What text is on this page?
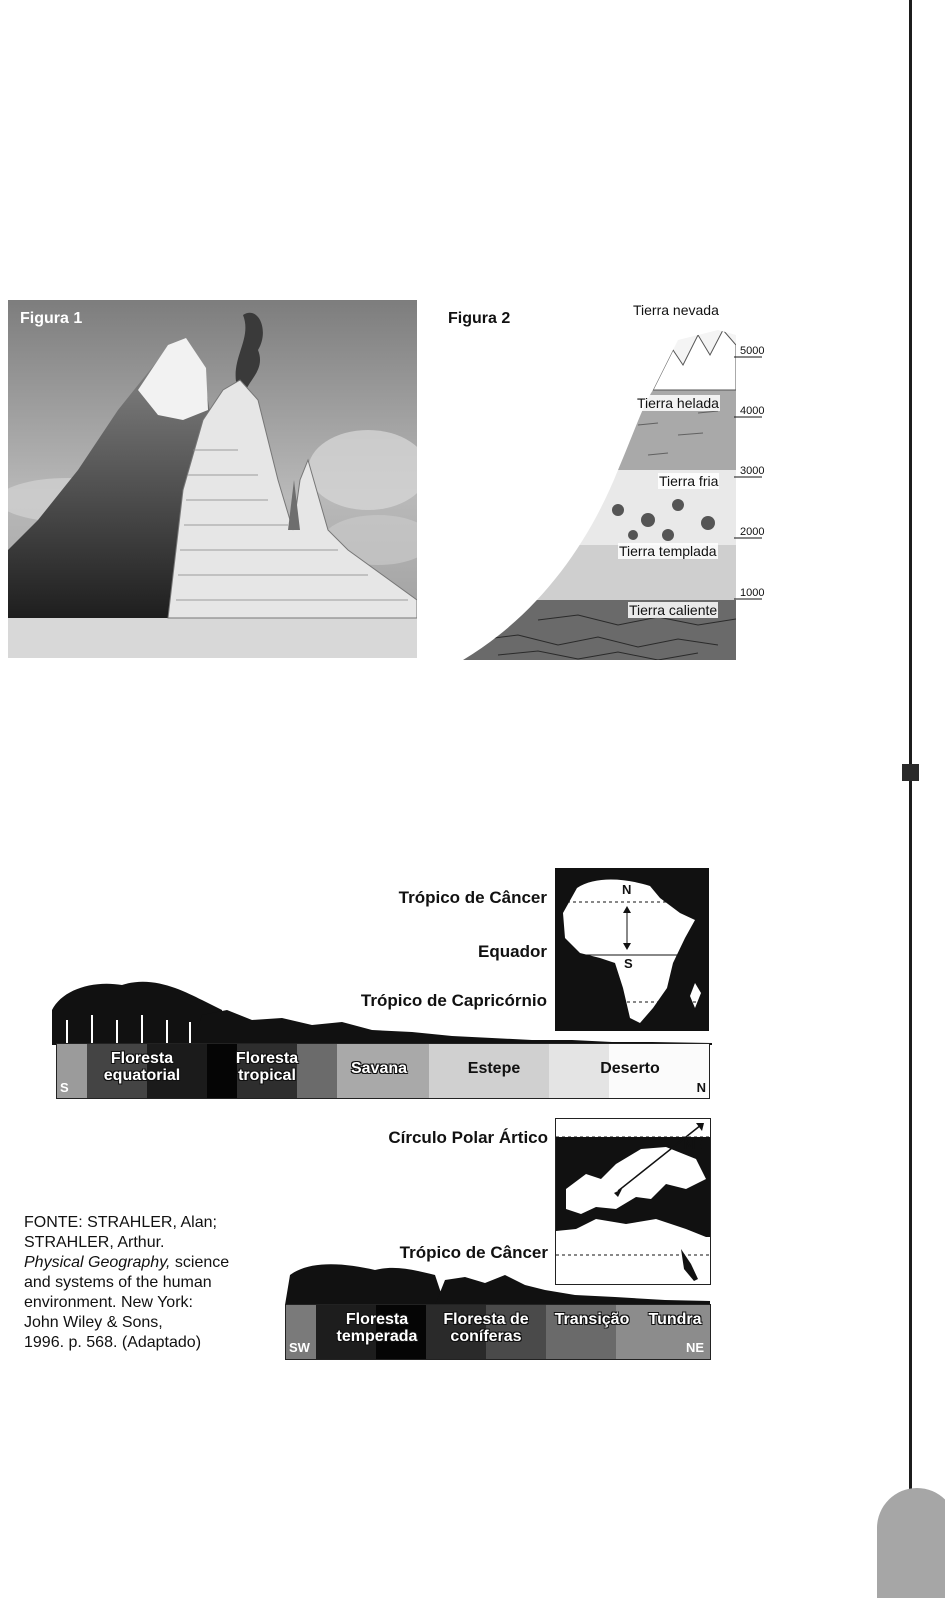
Figura 1	Figura 2	Tierra nevada
Tierra helada
Tierra fria
Tierra templada
Tierra caliente
5000
4000
3000
2000
1000
N
S
Trópico de Câncer
Equador
Trópico de Capricórnio
Floresta
equatorial
Floresta
tropical	Savana	Estepe	Deserto
S	N
NE
SW
Círculo Polar Ártico
Trópico de Câncer
Floresta
temperada
Floresta de
coníferas
Transição	Tundra
SW	NE
FONTE: STRAHLER, Alan;
STRAHLER, Arthur.
Physical Geography, science
and systems of the human
environment. New York:
John Wiley & Sons,
1996. p. 568. (Adaptado)
